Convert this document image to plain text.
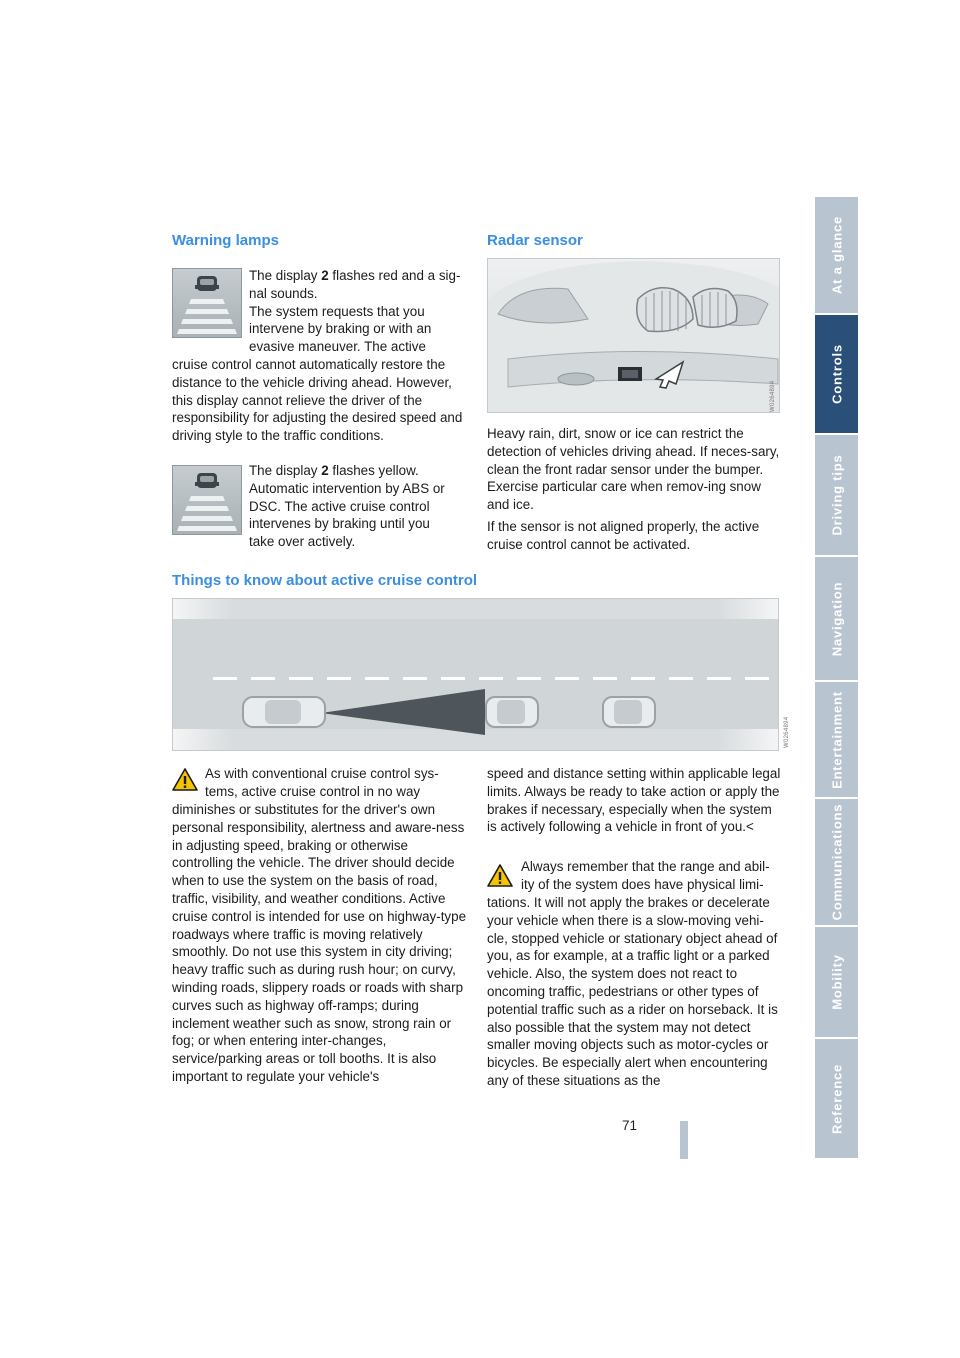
At a glance
Controls
Driving tips
Navigation
Entertainment
Communications
Mobility
Reference
Warning lamps
The display 2 flashes red and a sig-
nal sounds.
The system requests that you
intervene by braking or with an
evasive maneuver. The active
cruise control cannot automatically restore the distance to the vehicle driving ahead. However, this display cannot relieve the driver of the responsibility for adjusting the desired speed and driving style to the traffic conditions.
The display 2 flashes yellow.
Automatic intervention by ABS or
DSC. The active cruise control
intervenes by braking until you
take over actively.
Radar sensor
W0264894
Heavy rain, dirt, snow or ice can restrict the detection of vehicles driving ahead. If neces-sary, clean the front radar sensor under the bumper. Exercise particular care when remov-ing snow and ice.
If the sensor is not aligned properly, the active cruise control cannot be activated.
Things to know about active cruise control
W0264894
As with conventional cruise control sys-
tems, active cruise control in no way
diminishes or substitutes for the driver's own personal responsibility, alertness and aware-ness in adjusting speed, braking or otherwise controlling the vehicle. The driver should decide when to use the system on the basis of road, traffic, visibility, and weather conditions. Active cruise control is intended for use on highway-type roadways where traffic is moving relatively smoothly. Do not use this system in city driving; heavy traffic such as during rush hour; on curvy, winding roads, slippery roads or roads with sharp curves such as highway off-ramps; during inclement weather such as snow, strong rain or fog; or when entering inter-changes, service/parking areas or toll booths. It is also important to regulate your vehicle's
speed and distance setting within applicable legal limits. Always be ready to take action or apply the brakes if necessary, especially when the system is actively following a vehicle in front of you.<
Always remember that the range and abil-
ity of the system does have physical limi-
tations. It will not apply the brakes or decelerate your vehicle when there is a slow-moving vehi-cle, stopped vehicle or stationary object ahead of you, as for example, at a traffic light or a parked vehicle. Also, the system does not react to oncoming traffic, pedestrians or other types of potential traffic such as a rider on horseback. It is also possible that the system may not detect smaller moving objects such as motor-cycles or bicycles. Be especially alert when encountering any of these situations as the
71
